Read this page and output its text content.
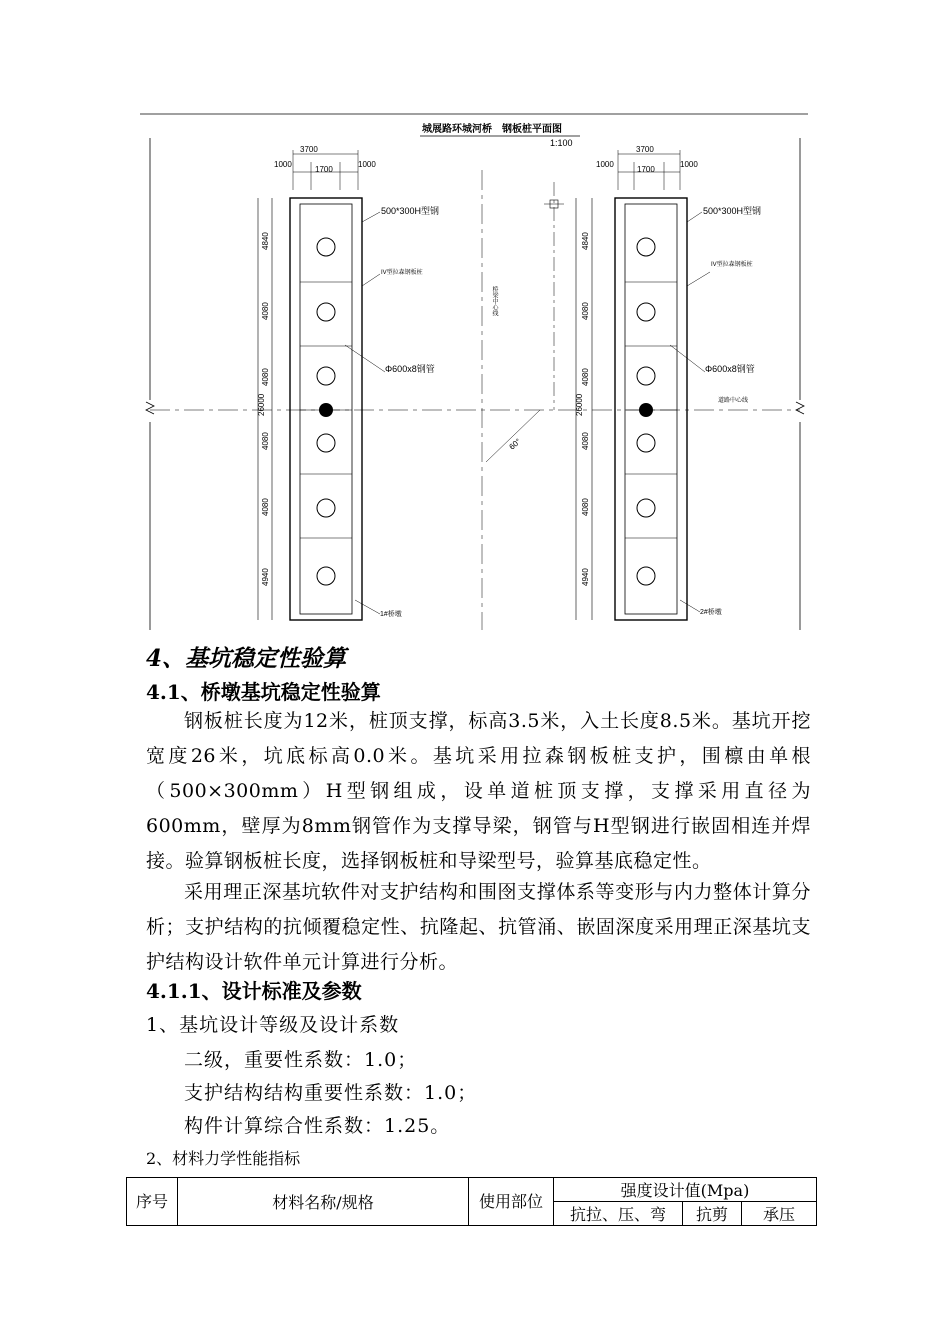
城展路环城河桥 钢板桩平面图
1:100
3700
1000
1700
1000
26000
4840
4080
4080
4080
4080
4940
500*300H型钢
IV型拉森钢板桩
Φ600x8钢管
1#桥墩
3700
1000
1700
1000
26000
4840
4080
4080
4080
4080
4940
500*300H型钢
IV型拉森钢板桩
Φ600x8钢管
2#桥墩
桥梁中心线
道路中心线
60°
4、基坑稳定性验算
4.1、桥墩基坑稳定性验算

钢板桩长度为12米，桩顶支撑，标高3.5米，入土长度8.5米。基坑开挖宽度26米，坑底标高0.0米。基坑采用拉森钢板桩支护，围檩由单根（500×300mm）H型钢组成，设单道桩顶支撑，支撑采用直径为600mm，壁厚为8mm钢管作为支撑导梁，钢管与H型钢进行嵌固相连并焊接。验算钢板桩长度，选择钢板桩和导梁型号，验算基底稳定性。

采用理正深基坑软件对支护结构和围囹支撑体系等变形与内力整体计算分析；支护结构的抗倾覆稳定性、抗隆起、抗管涌、嵌固深度采用理正深基坑支护结构设计软件单元计算进行分析。

4.1.1、设计标准及参数
1、基坑设计等级及设计系数
二级，重要性系数：1.0；
支护结构结构重要性系数：1.0；
构件计算综合性系数：1.25。
2、材料力学性能指标
序号	材料名称/规格	使用部位	强度设计值(Mpa)		
			抗拉、压、弯	抗剪	承压
